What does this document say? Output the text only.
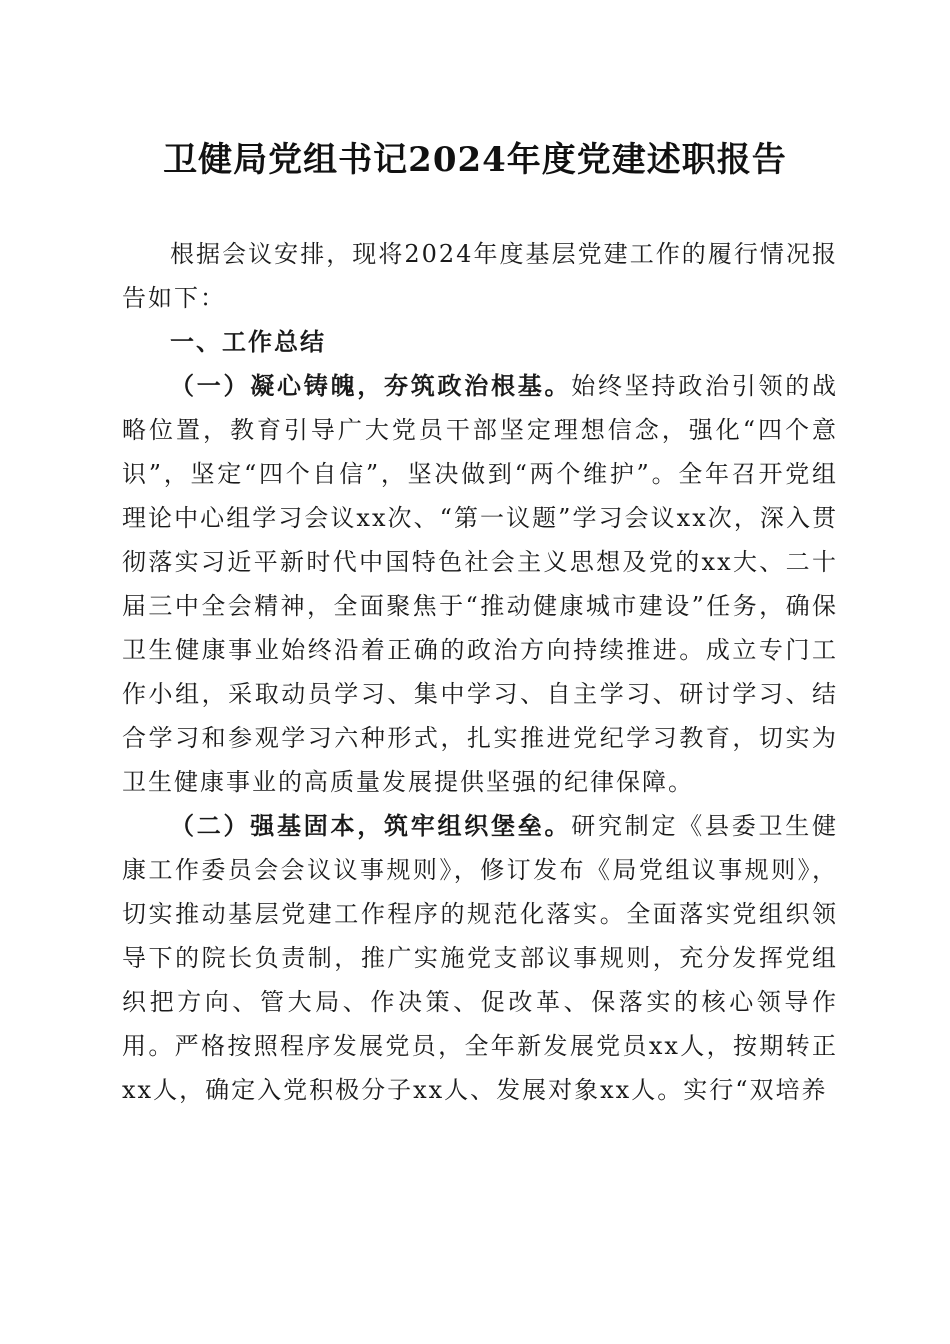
卫健局党组书记2024年度党建述职报告

根据会议安排，现将2024年度基层党建工作的履行情况报告如下：

一、工作总结

（一）凝心铸魄，夯筑政治根基。始终坚持政治引领的战略位置，教育引导广大党员干部坚定理想信念，强化“四个意识”，坚定“四个自信”，坚决做到“两个维护”。全年召开党组理论中心组学习会议xx次、“第一议题”学习会议xx次，深入贯彻落实习近平新时代中国特色社会主义思想及党的xx大、二十届三中全会精神，全面聚焦于“推动健康城市建设”任务，确保卫生健康事业始终沿着正确的政治方向持续推进。成立专门工作小组，采取动员学习、集中学习、自主学习、研讨学习、结合学习和参观学习六种形式，扎实推进党纪学习教育，切实为卫生健康事业的高质量发展提供坚强的纪律保障。

（二）强基固本，筑牢组织堡垒。研究制定《县委卫生健康工作委员会会议议事规则》，修订发布《局党组议事规则》，切实推动基层党建工作程序的规范化落实。全面落实党组织领导下的院长负责制，推广实施党支部议事规则，充分发挥党组织把方向、管大局、作决策、促改革、保落实的核心领导作用。严格按照程序发展党员，全年新发展党员xx人，按期转正xx人，确定入党积极分子xx人、发展对象xx人。实行“双培养
